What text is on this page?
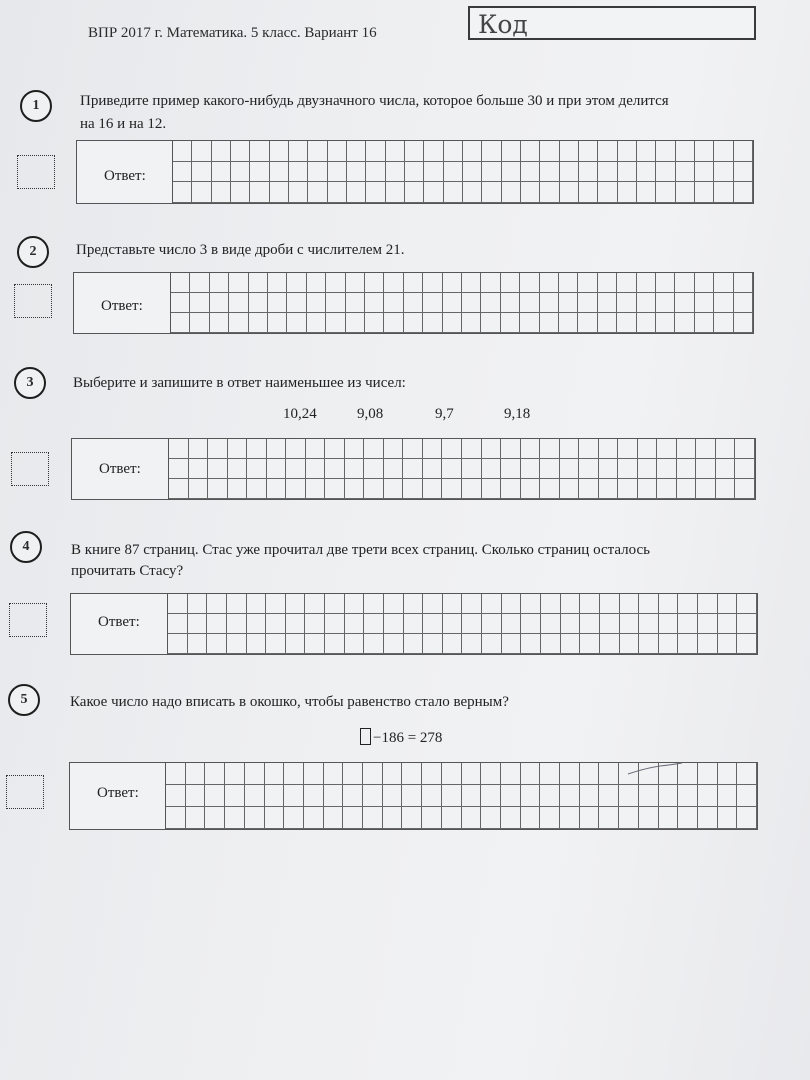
ВПР 2017 г. Математика. 5 класс. Вариант 16	Код
1	Приведите пример какого-нибудь двузначного числа, которое больше 30 и при этом делится
на 16 и на 12.
Ответ:
2	Представьте число 3 в виде дроби с числителем 21.
Ответ:
3	Выберите и запишите в ответ наименьшее из чисел:
10,24	9,08	9,7	9,18
Ответ:
4	В книге 87 страниц. Стас уже прочитал две трети всех страниц. Сколько страниц осталось
прочитать Стасу?
Ответ:
5	Какое число надо вписать в окошко, чтобы равенство стало верным?
−186 = 278
Ответ:
